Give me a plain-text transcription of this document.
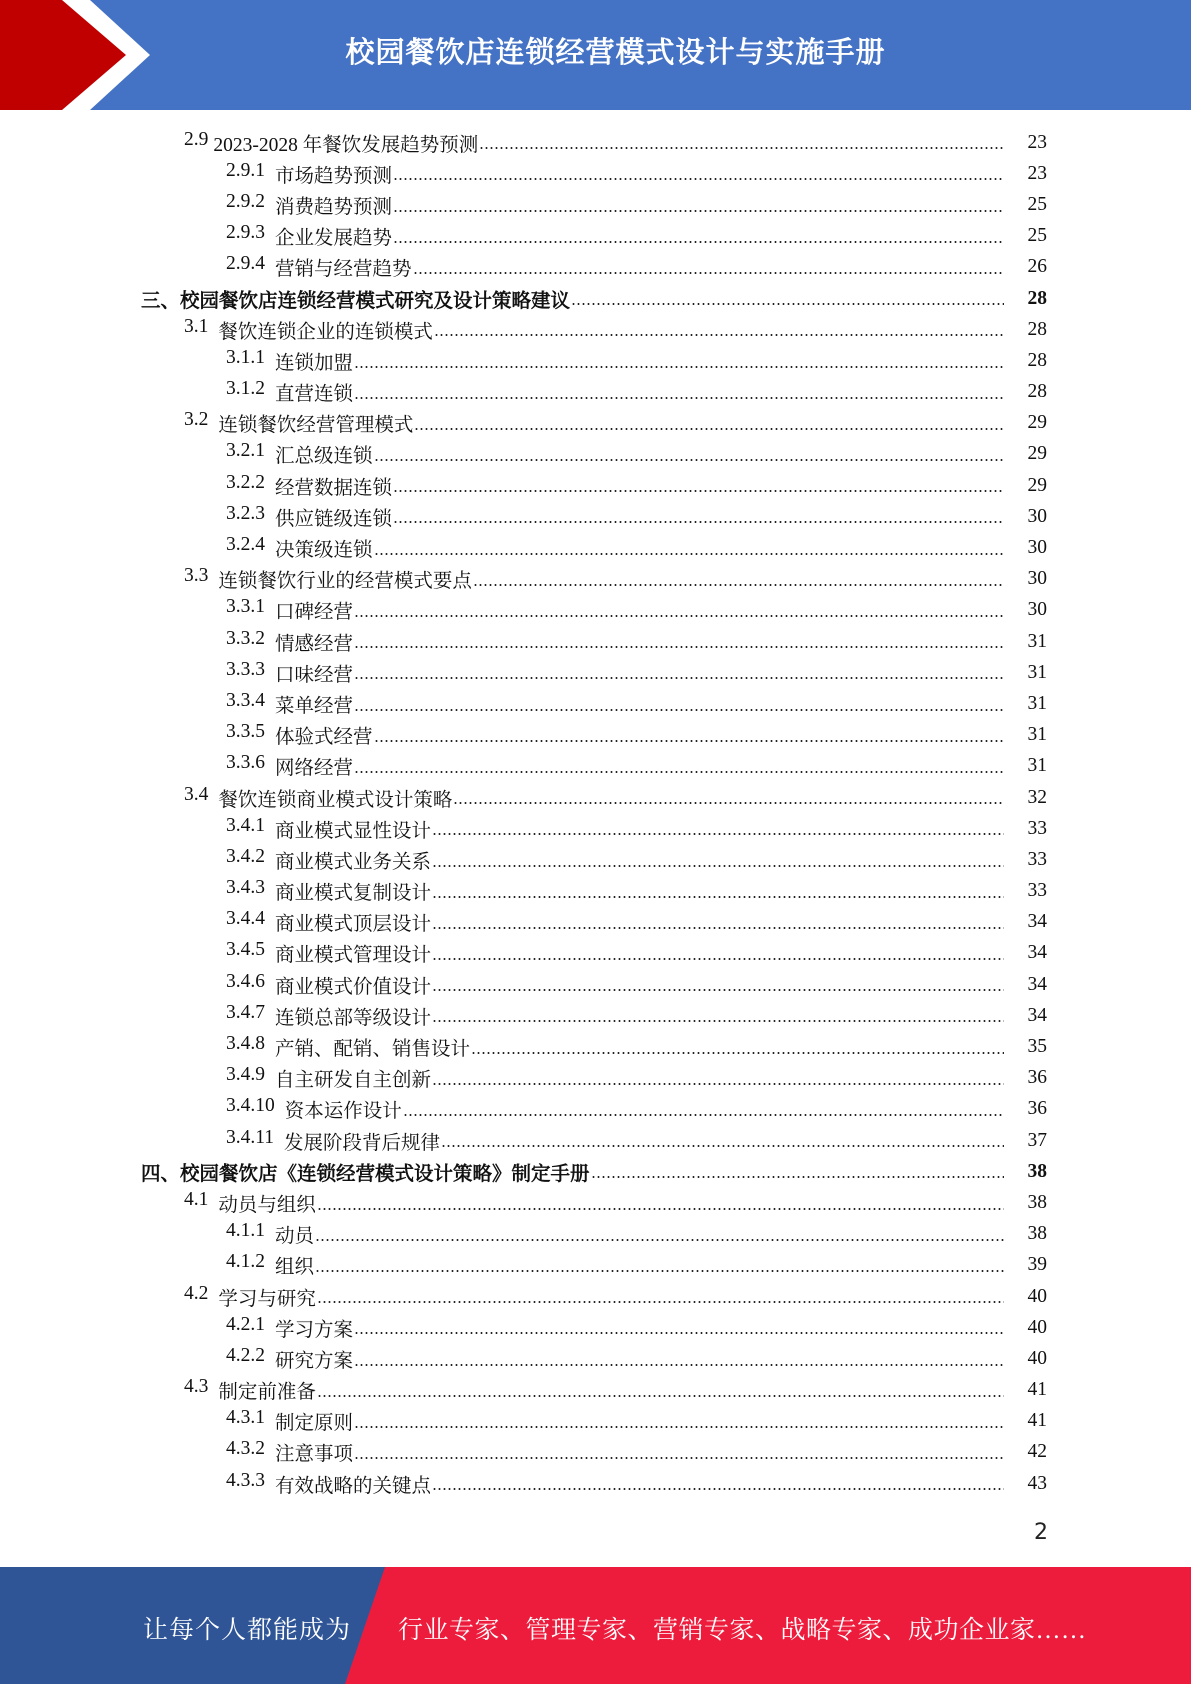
校园餐饮店连锁经营模式设计与实施手册
2.9 2023-2028 年餐饮发展趋势预测	23
2.9.1 市场趋势预测	23
2.9.2 消费趋势预测	25
2.9.3 企业发展趋势	25
2.9.4 营销与经营趋势	26
三、校园餐饮店连锁经营模式研究及设计策略建议	28
3.1 餐饮连锁企业的连锁模式	28
3.1.1 连锁加盟	28
3.1.2 直营连锁	28
3.2 连锁餐饮经营管理模式	29
3.2.1 汇总级连锁	29
3.2.2 经营数据连锁	29
3.2.3 供应链级连锁	30
3.2.4 决策级连锁	30
3.3 连锁餐饮行业的经营模式要点	30
3.3.1 口碑经营	30
3.3.2 情感经营	31
3.3.3 口味经营	31
3.3.4 菜单经营	31
3.3.5 体验式经营	31
3.3.6 网络经营	31
3.4 餐饮连锁商业模式设计策略	32
3.4.1 商业模式显性设计	33
3.4.2 商业模式业务关系	33
3.4.3 商业模式复制设计	33
3.4.4 商业模式顶层设计	34
3.4.5 商业模式管理设计	34
3.4.6 商业模式价值设计	34
3.4.7 连锁总部等级设计	34
3.4.8 产销、配销、销售设计	35
3.4.9 自主研发自主创新	36
3.4.10 资本运作设计	36
3.4.11 发展阶段背后规律	37
四、校园餐饮店《连锁经营模式设计策略》制定手册	38
4.1 动员与组织	38
4.1.1 动员	38
4.1.2 组织	39
4.2 学习与研究	40
4.2.1 学习方案	40
4.2.2 研究方案	40
4.3 制定前准备	41
4.3.1 制定原则	41
4.3.2 注意事项	42
4.3.3 有效战略的关键点	43
2
让每个人都能成为 行业专家、管理专家、营销专家、战略专家、成功企业家……
